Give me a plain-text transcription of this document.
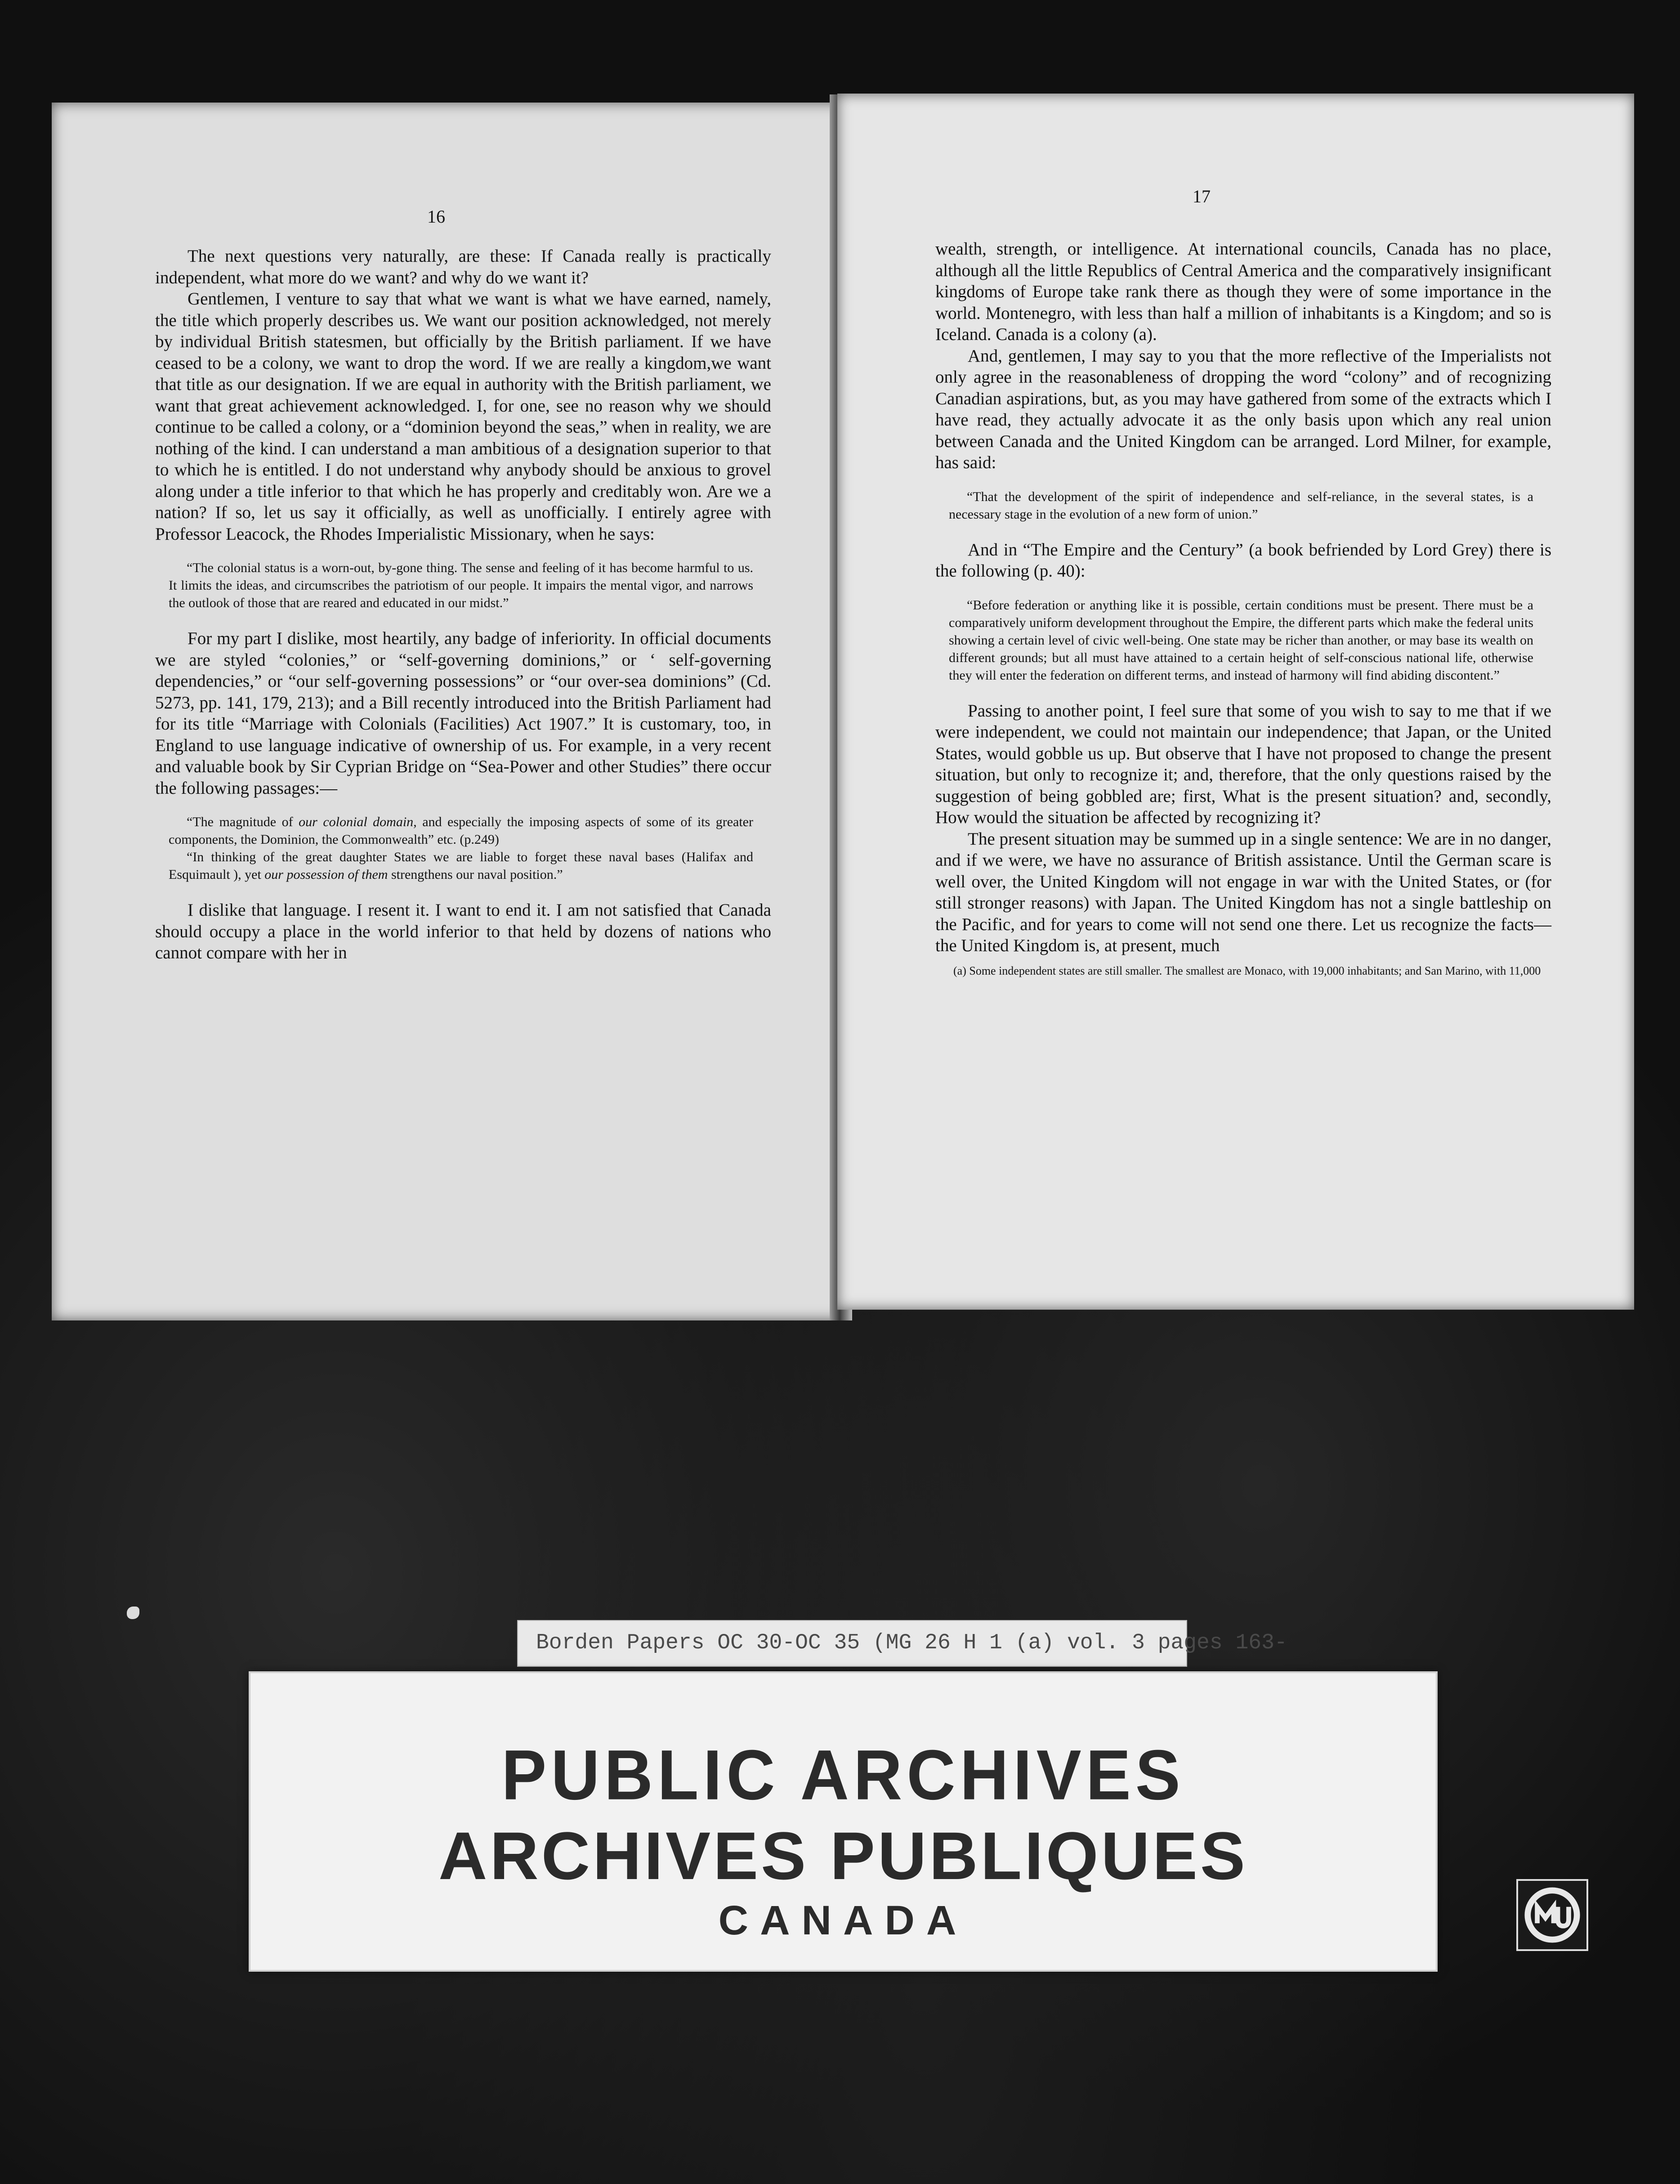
16

The next questions very naturally, are these: If Canada really is practically independent, what more do we want? and why do we want it?

Gentlemen, I venture to say that what we want is what we have earned, namely, the title which properly describes us. We want our position acknowledged, not merely by individual British statesmen, but officially by the British parliament. If we have ceased to be a colony, we want to drop the word. If we are really a kingdom,we want that title as our designation. If we are equal in authority with the British parliament, we want that great achievement acknowledged. I, for one, see no reason why we should continue to be called a colony, or a “dominion beyond the seas,” when in reality, we are nothing of the kind. I can understand a man ambitious of a designation superior to that to which he is entitled. I do not understand why anybody should be anxious to grovel along under a title inferior to that which he has properly and creditably won. Are we a nation? If so, let us say it officially, as well as unofficially. I entirely agree with Professor Leacock, the Rhodes Imperialistic Missionary, when he says:

“The colonial status is a worn-out, by-gone thing. The sense and feeling of it has become harmful to us. It limits the ideas, and circumscribes the patriotism of our people. It impairs the mental vigor, and narrows the outlook of those that are reared and educated in our midst.”

For my part I dislike, most heartily, any badge of inferiority. In official documents we are styled “colonies,” or “self-governing dominions,” or ‘ self-governing dependencies,” or “our self-governing possessions” or “our over-sea dominions” (Cd. 5273, pp. 141, 179, 213); and a Bill recently introduced into the British Parliament had for its title “Marriage with Colonials (Facilities) Act 1907.” It is customary, too, in England to use language indicative of ownership of us. For example, in a very recent and valuable book by Sir Cyprian Bridge on “Sea-Power and other Studies” there occur the following passages:—

“The magnitude of our colonial domain, and especially the imposing aspects of some of its greater components, the Dominion, the Commonwealth” etc. (p.249)

“In thinking of the great daughter States we are liable to forget these naval bases (Halifax and Esquimault ), yet our possession of them strengthens our naval position.”

I dislike that language. I resent it. I want to end it. I am not satisfied that Canada should occupy a place in the world inferior to that held by dozens of nations who cannot compare with her in

17

wealth, strength, or intelligence. At international councils, Canada has no place, although all the little Republics of Central America and the comparatively insignificant kingdoms of Europe take rank there as though they were of some importance in the world. Montenegro, with less than half a million of inhabitants is a Kingdom; and so is Iceland. Canada is a colony (a).

And, gentlemen, I may say to you that the more reflective of the Imperialists not only agree in the reasonableness of dropping the word “colony” and of recognizing Canadian aspirations, but, as you may have gathered from some of the extracts which I have read, they actually advocate it as the only basis upon which any real union between Canada and the United Kingdom can be arranged. Lord Milner, for example, has said:

“That the development of the spirit of independence and self-reliance, in the several states, is a necessary stage in the evolution of a new form of union.”

And in “The Empire and the Century” (a book befriended by Lord Grey) there is the following (p. 40):

“Before federation or anything like it is possible, certain conditions must be present. There must be a comparatively uniform development throughout the Empire, the different parts which make the federal units showing a certain level of civic well-being. One state may be richer than another, or may base its wealth on different grounds; but all must have attained to a certain height of self-conscious national life, otherwise they will enter the federation on different terms, and instead of harmony will find abiding discontent.”

Passing to another point, I feel sure that some of you wish to say to me that if we were independent, we could not maintain our independence; that Japan, or the United States, would gobble us up. But observe that I have not proposed to change the present situation, but only to recognize it; and, therefore, that the only questions raised by the suggestion of being gobbled are; first, What is the present situation? and, secondly, How would the situation be affected by recognizing it?

The present situation may be summed up in a single sentence: We are in no danger, and if we were, we have no assurance of British assistance. Until the German scare is well over, the United Kingdom will not engage in war with the United States, or (for still stronger reasons) with Japan. The United Kingdom has not a single battleship on the Pacific, and for years to come will not send one there. Let us recognize the facts—the United Kingdom is, at present, much

(a) Some independent states are still smaller. The smallest are Monaco, with 19,000 inhabitants; and San Marino, with 11,000
Borden Papers OC 30-OC 35 (MG 26 H 1 (a) vol. 3 pages 163-
PUBLIC ARCHIVES
ARCHIVES PUBLIQUES
CANADA
